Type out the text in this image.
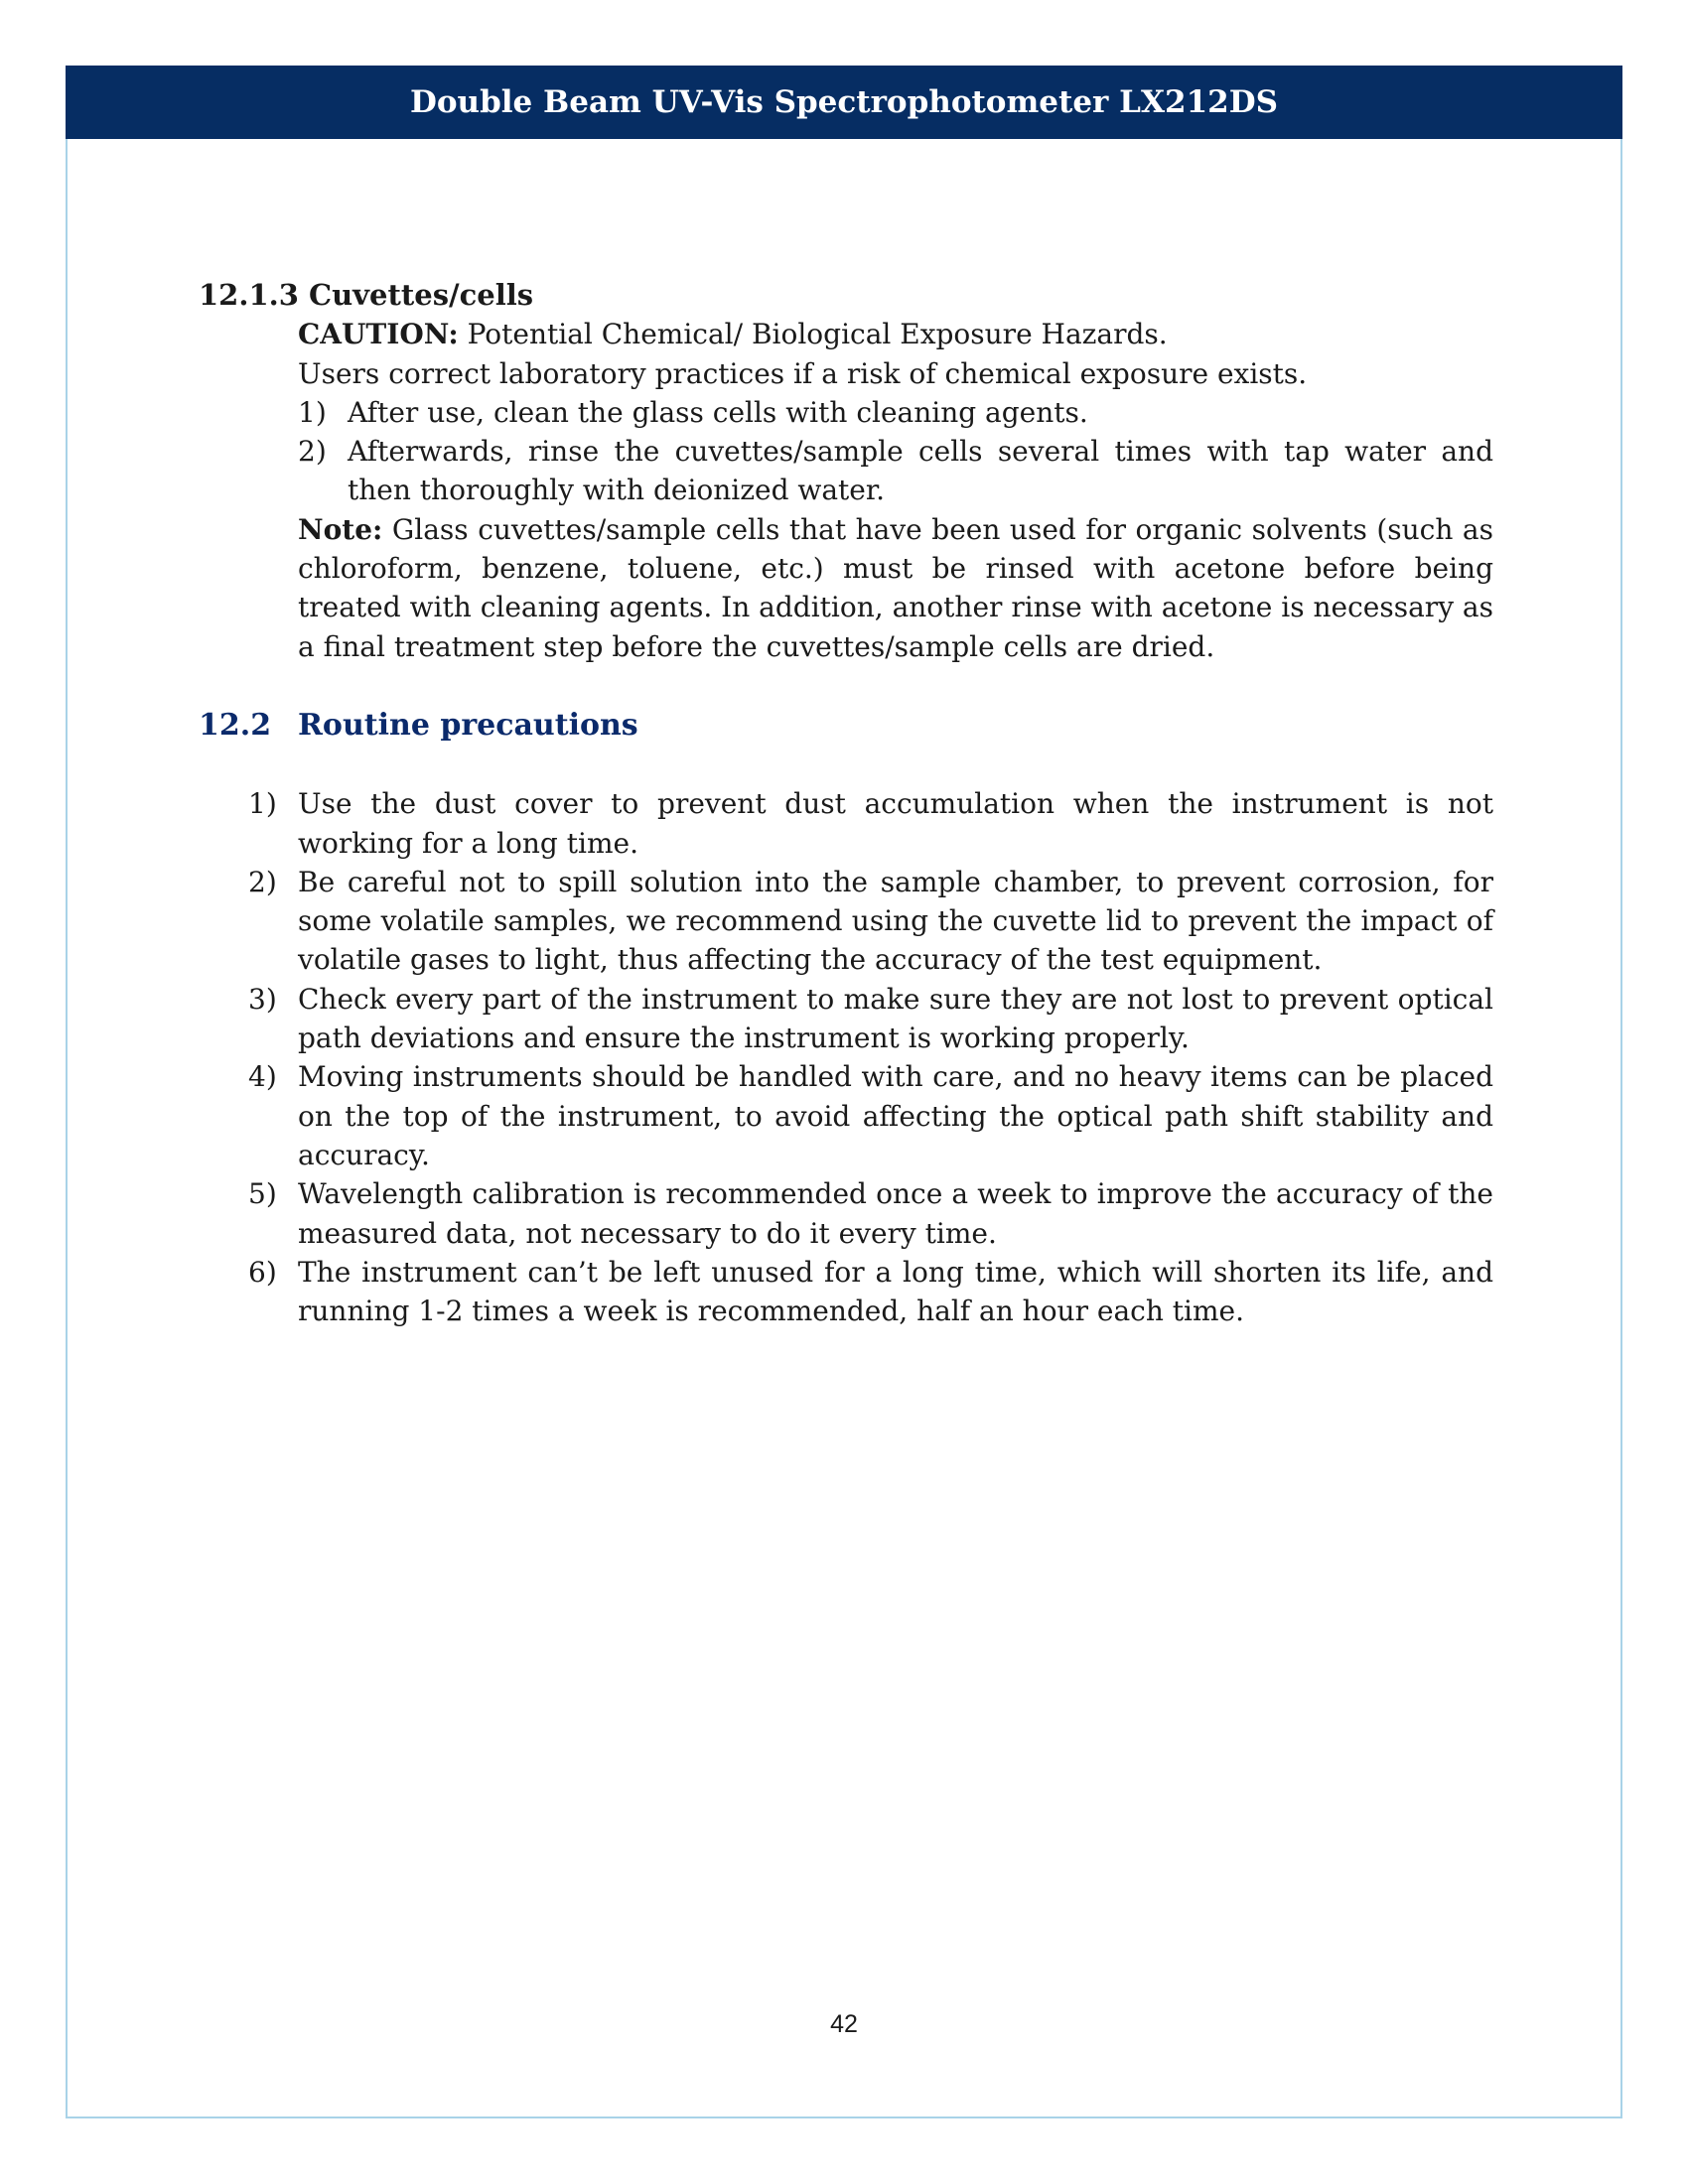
Double Beam UV-Vis Spectrophotometer LX212DS
12.1.3 Cuvettes/cells

CAUTION: Potential Chemical/ Biological Exposure Hazards.

Users correct laboratory practices if a risk of chemical exposure exists.

1) After use, clean the glass cells with cleaning agents.
2) Afterwards, rinse the cuvettes/sample cells several times with tap water and then thoroughly with deionized water.

Note: Glass cuvettes/sample cells that have been used for organic solvents (such as chloroform, benzene, toluene, etc.) must be rinsed with acetone before being treated with cleaning agents. In addition, another rinse with acetone is necessary as a final treatment step before the cuvettes/sample cells are dried.

12.2 Routine precautions
1) Use the dust cover to prevent dust accumulation when the instrument is not working for a long time.
2) Be careful not to spill solution into the sample chamber, to prevent corrosion, for some volatile samples, we recommend using the cuvette lid to prevent the impact of volatile gases to light, thus affecting the accuracy of the test equipment.
3) Check every part of the instrument to make sure they are not lost to prevent optical path deviations and ensure the instrument is working properly.
4) Moving instruments should be handled with care, and no heavy items can be placed on the top of the instrument, to avoid affecting the optical path shift stability and accuracy.
5) Wavelength calibration is recommended once a week to improve the accuracy of the measured data, not necessary to do it every time.
6) The instrument can’t be left unused for a long time, which will shorten its life, and running 1-2 times a week is recommended, half an hour each time.
42
